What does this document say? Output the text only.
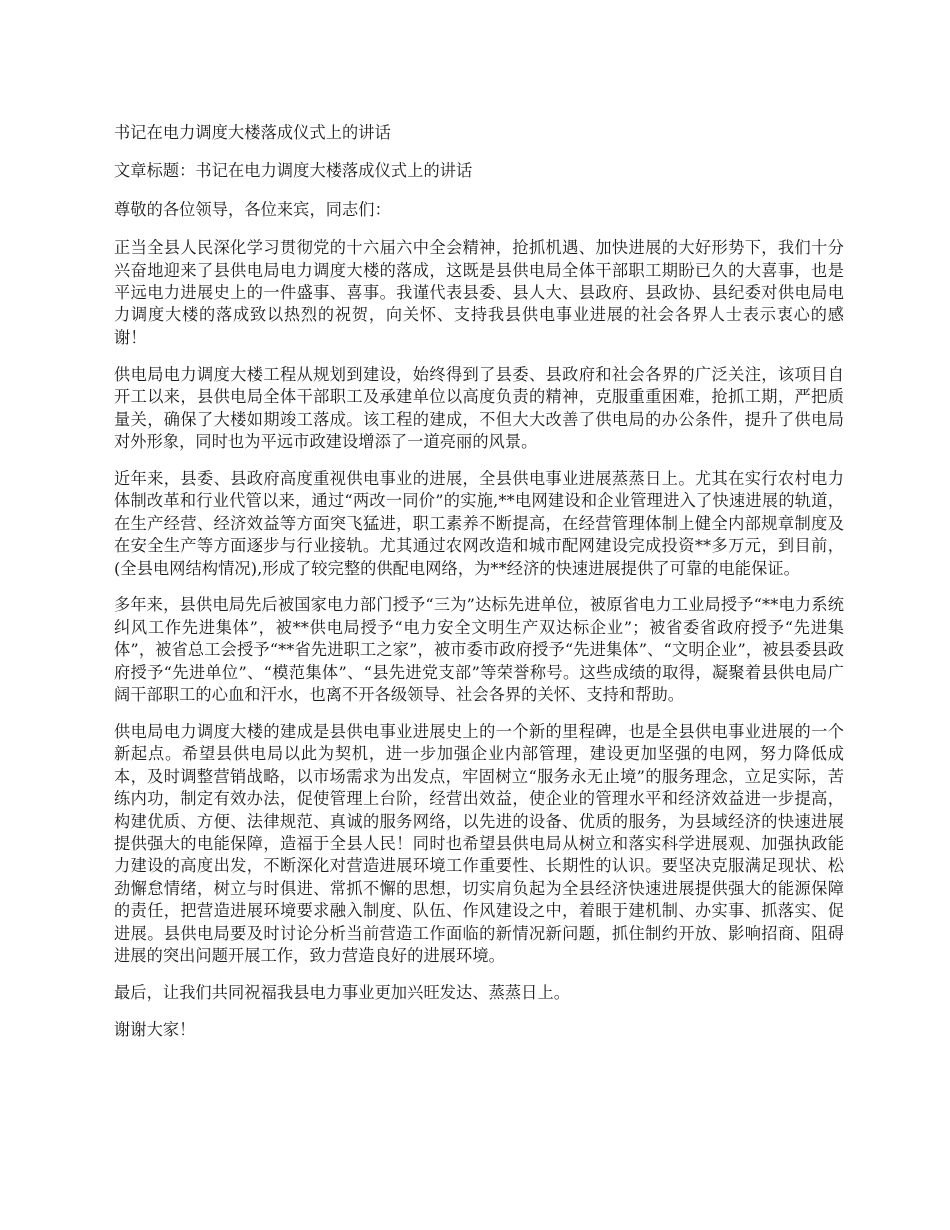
书记在电力调度大楼落成仪式上的讲话

文章标题：书记在电力调度大楼落成仪式上的讲话

尊敬的各位领导，各位来宾，同志们：

正当全县人民深化学习贯彻党的十六届六中全会精神，抢抓机遇、加快进展的大好形势下，我们十分兴奋地迎来了县供电局电力调度大楼的落成，这既是县供电局全体干部职工期盼已久的大喜事，也是平远电力进展史上的一件盛事、喜事。我谨代表县委、县人大、县政府、县政协、县纪委对供电局电力调度大楼的落成致以热烈的祝贺，向关怀、支持我县供电事业进展的社会各界人士表示衷心的感谢！

供电局电力调度大楼工程从规划到建设，始终得到了县委、县政府和社会各界的广泛关注，该项目自开工以来，县供电局全体干部职工及承建单位以高度负责的精神，克服重重困难，抢抓工期，严把质量关，确保了大楼如期竣工落成。该工程的建成，不但大大改善了供电局的办公条件，提升了供电局对外形象，同时也为平远市政建设增添了一道亮丽的风景。

近年来，县委、县政府高度重视供电事业的进展，全县供电事业进展蒸蒸日上。尤其在实行农村电力体制改革和行业代管以来，通过“两改一同价”的实施,**电网建设和企业管理进入了快速进展的轨道，在生产经营、经济效益等方面突飞猛进，职工素养不断提高，在经营管理体制上健全内部规章制度及在安全生产等方面逐步与行业接轨。尤其通过农网改造和城市配网建设完成投资**多万元，到目前，(全县电网结构情况),形成了较完整的供配电网络，为**经济的快速进展提供了可靠的电能保证。

多年来，县供电局先后被国家电力部门授予“三为”达标先进单位，被原省电力工业局授予“**电力系统纠风工作先进集体”，被**供电局授予“电力安全文明生产双达标企业”；被省委省政府授予“先进集体”，被省总工会授予“**省先进职工之家”，被市委市政府授予“先进集体”、“文明企业”，被县委县政府授予“先进单位”、“模范集体”、“县先进党支部”等荣誉称号。这些成绩的取得，凝聚着县供电局广阔干部职工的心血和汗水，也离不开各级领导、社会各界的关怀、支持和帮助。

供电局电力调度大楼的建成是县供电事业进展史上的一个新的里程碑，也是全县供电事业进展的一个新起点。希望县供电局以此为契机，进一步加强企业内部管理，建设更加坚强的电网，努力降低成本，及时调整营销战略，以市场需求为出发点，牢固树立“服务永无止境”的服务理念，立足实际，苦练内功，制定有效办法，促使管理上台阶，经营出效益，使企业的管理水平和经济效益进一步提高，构建优质、方便、法律规范、真诚的服务网络，以先进的设备、优质的服务，为县域经济的快速进展提供强大的电能保障，造福于全县人民！同时也希望县供电局从树立和落实科学进展观、加强执政能力建设的高度出发，不断深化对营造进展环境工作重要性、长期性的认识。要坚决克服满足现状、松劲懈怠情绪，树立与时俱进、常抓不懈的思想，切实肩负起为全县经济快速进展提供强大的能源保障的责任，把营造进展环境要求融入制度、队伍、作风建设之中，着眼于建机制、办实事、抓落实、促进展。县供电局要及时讨论分析当前营造工作面临的新情况新问题，抓住制约开放、影响招商、阻碍进展的突出问题开展工作，致力营造良好的进展环境。

最后，让我们共同祝福我县电力事业更加兴旺发达、蒸蒸日上。

谢谢大家！
